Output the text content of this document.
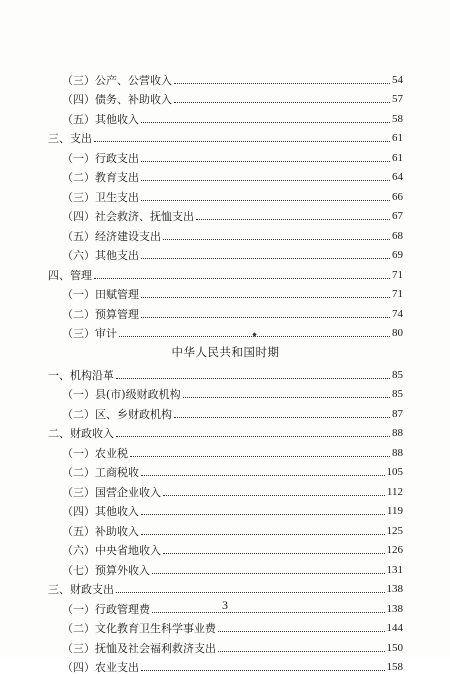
（三）公产、公营收入	54
（四）债务、补助收入	57
（五）其他收入	58
三、支出	61
（一）行政支出	61
（二）教育支出	64
（三）卫生支出	66
（四）社会救济、抚恤支出	67
（五）经济建设支出	68
（六）其他支出	69
四、管理	71
（一）田赋管理	71
（二）预算管理	74
（三）审计	80
中华人民共和国时期
一、机构沿革	85
（一）县(市)级财政机构	85
（二）区、乡财政机构	87
二、财政收入	88
（一）农业税	88
（二）工商税收	105
（三）国营企业收入	112
（四）其他收入	119
（五）补助收入	125
（六）中央省地收入	126
（七）预算外收入	131
三、财政支出	138
（一）行政管理费	138
（二）文化教育卫生科学事业费	144
（三）抚恤及社会福利救济支出	150
（四）农业支出	158
3
